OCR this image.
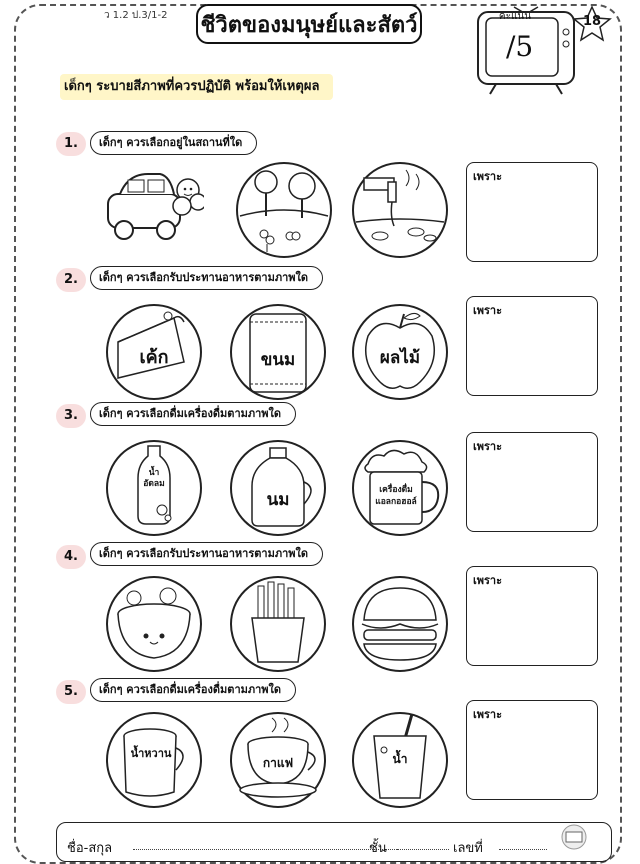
ว 1.2 ป.3/1-2 ชีวิตของมนุษย์และสัตว์	คะแนน
/5
18
เด็กๆ ระบายสีภาพที่ควรปฏิบัติ พร้อมให้เหตุผล
1.	เด็กๆ ควรเลือกอยู่ในสถานที่ใด
เพราะ
2.	เด็กๆ ควรเลือกรับประทานอาหารตามภาพใด
เค้ก	ขนม	ผลไม้
เพราะ
3.	เด็กๆ ควรเลือกดื่มเครื่องดื่มตามภาพใด
น้ำอัดลม
นม	เครื่องดื่มแอลกอฮอล์
เพราะ
4.	เด็กๆ ควรเลือกรับประทานอาหารตามภาพใด
เพราะ
5.	เด็กๆ ควรเลือกดื่มเครื่องดื่มตามภาพใด
น้ำหวาน
กาแฟ	น้ำ
เพราะ
ชื่อ-สกุล	ชั้น	เลขที่
